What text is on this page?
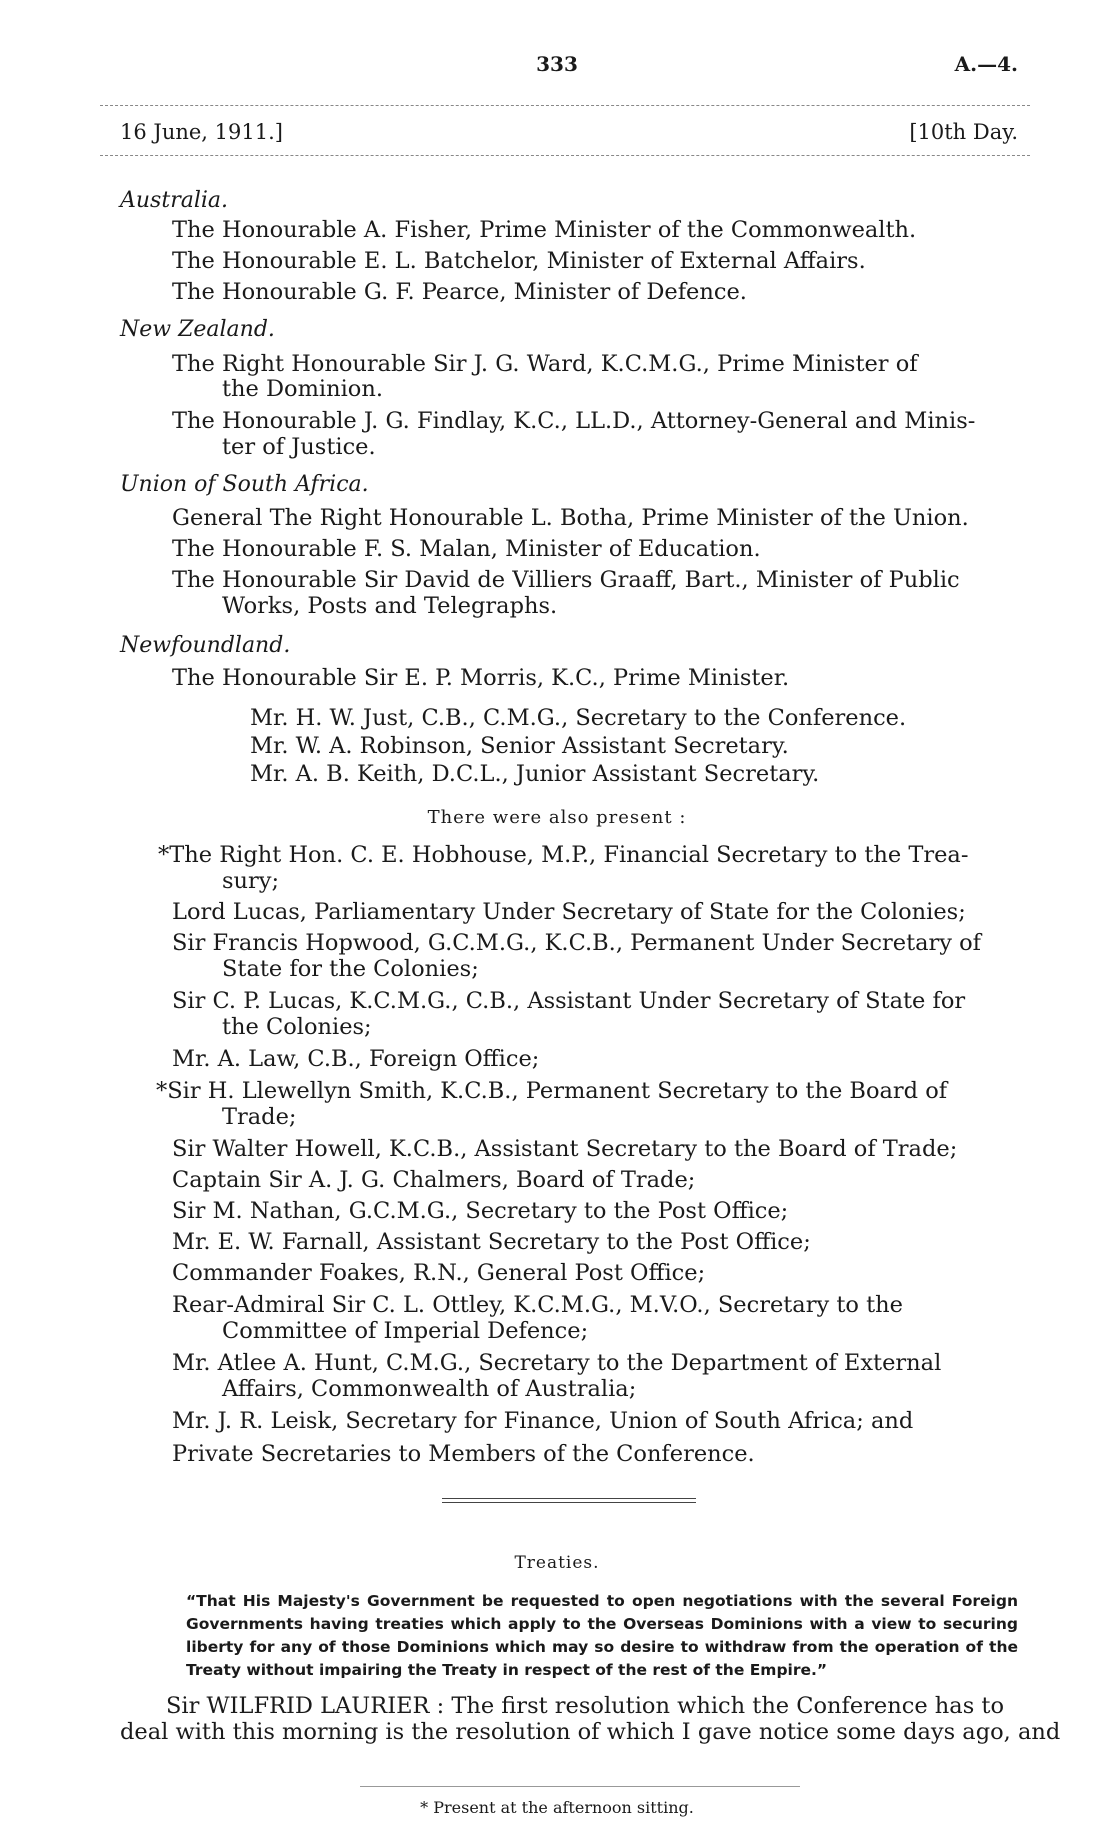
333	A.—4.
16 June, 1911.]	[10th Day.
Australia.
The Honourable A. Fisher, Prime Minister of the Commonwealth.
The Honourable E. L. Batchelor, Minister of External Affairs.
The Honourable G. F. Pearce, Minister of Defence.
New Zealand.
The Right Honourable Sir J. G. Ward, K.C.M.G., Prime Minister of
the Dominion.
The Honourable J. G. Findlay, K.C., LL.D., Attorney-General and Minis-
ter of Justice.
Union of South Africa.
General The Right Honourable L. Botha, Prime Minister of the Union.
The Honourable F. S. Malan, Minister of Education.
The Honourable Sir David de Villiers Graaff, Bart., Minister of Public
Works, Posts and Telegraphs.
Newfoundland.
The Honourable Sir E. P. Morris, K.C., Prime Minister.
Mr. H. W. Just, C.B., C.M.G., Secretary to the Conference.
Mr. W. A. Robinson, Senior Assistant Secretary.
Mr. A. B. Keith, D.C.L., Junior Assistant Secretary.
There were also present :
*The Right Hon. C. E. Hobhouse, M.P., Financial Secretary to the Trea-
sury;
Lord Lucas, Parliamentary Under Secretary of State for the Colonies;
Sir Francis Hopwood, G.C.M.G., K.C.B., Permanent Under Secretary of
State for the Colonies;
Sir C. P. Lucas, K.C.M.G., C.B., Assistant Under Secretary of State for
the Colonies;
Mr. A. Law, C.B., Foreign Office;
*Sir H. Llewellyn Smith, K.C.B., Permanent Secretary to the Board of
Trade;
Sir Walter Howell, K.C.B., Assistant Secretary to the Board of Trade;
Captain Sir A. J. G. Chalmers, Board of Trade;
Sir M. Nathan, G.C.M.G., Secretary to the Post Office;
Mr. E. W. Farnall, Assistant Secretary to the Post Office;
Commander Foakes, R.N., General Post Office;
Rear-Admiral Sir C. L. Ottley, K.C.M.G., M.V.O., Secretary to the
Committee of Imperial Defence;
Mr. Atlee A. Hunt, C.M.G., Secretary to the Department of External
Affairs, Commonwealth of Australia;
Mr. J. R. Leisk, Secretary for Finance, Union of South Africa; and
Private Secretaries to Members of the Conference.
Treaties.
“That His Majesty's Government be requested to open negotiations with the several Foreign Governments having treaties which apply to the Overseas Dominions with a view to securing liberty for any of those Dominions which may so desire to withdraw from the operation of the Treaty without impairing the Treaty in respect of the rest of the Empire.”
Sir WILFRID LAURIER : The first resolution which the Conference has to
deal with this morning is the resolution of which I gave notice some days ago, and
* Present at the afternoon sitting.
